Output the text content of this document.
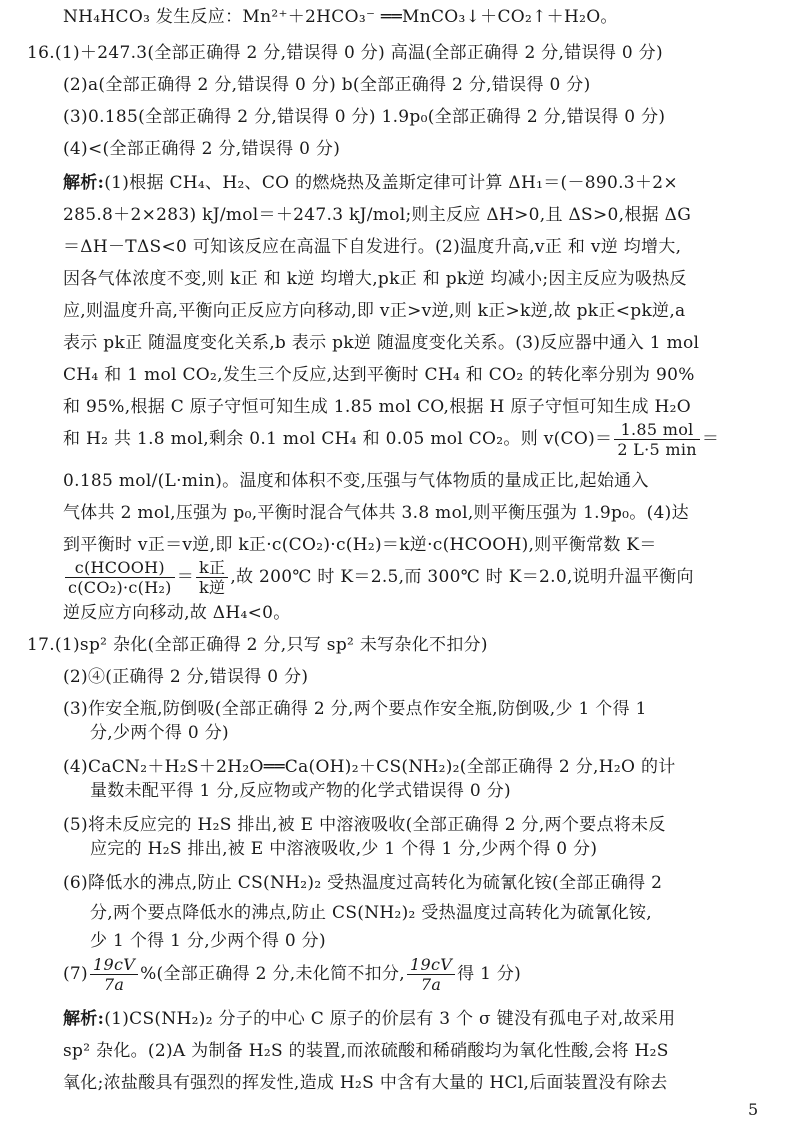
NH₄HCO₃ 发生反应：Mn²⁺＋2HCO₃⁻ ══MnCO₃↓＋CO₂↑＋H₂O。
16.(1)＋247.3(全部正确得 2 分,错误得 0 分) 高温(全部正确得 2 分,错误得 0 分)
(2)a(全部正确得 2 分,错误得 0 分) b(全部正确得 2 分,错误得 0 分)
(3)0.185(全部正确得 2 分,错误得 0 分) 1.9p₀(全部正确得 2 分,错误得 0 分)
(4)<(全部正确得 2 分,错误得 0 分)
解析:(1)根据 CH₄、H₂、CO 的燃烧热及盖斯定律可计算 ΔH₁＝(－890.3＋2×
285.8＋2×283) kJ/mol＝＋247.3 kJ/mol;则主反应 ΔH>0,且 ΔS>0,根据 ΔG
＝ΔH－TΔS<0 可知该反应在高温下自发进行。(2)温度升高,v正 和 v逆 均增大,
因各气体浓度不变,则 k正 和 k逆 均增大,pk正 和 pk逆 均减小;因主反应为吸热反
应,则温度升高,平衡向正反应方向移动,即 v正>v逆,则 k正>k逆,故 pk正<pk逆,a
表示 pk正 随温度变化关系,b 表示 pk逆 随温度变化关系。(3)反应器中通入 1 mol
CH₄ 和 1 mol CO₂,发生三个反应,达到平衡时 CH₄ 和 CO₂ 的转化率分别为 90%
和 95%,根据 C 原子守恒可知生成 1.85 mol CO,根据 H 原子守恒可知生成 H₂O
和 H₂ 共 1.8 mol,剩余 0.1 mol CH₄ 和 0.05 mol CO₂。则 $v(CO)= \frac{\text{1.85 mol}}{2 L\cdot 5 \min}$ ＝
0.185 mol/(L·min)。温度和体积不变,压强与气体物质的量成正比,起始通入
气体共 2 mol,压强为 p₀,平衡时混合气体共 3.8 mol,则平衡压强为 1.9p₀。(4)达
到平衡时 v正＝v逆,即 k正·c(CO₂)·c(H₂)＝k逆·c(HCOOH),则平衡常数 K＝
$\frac{\text{c(HCOOH)}}{\text{c(CO₂)·c(H₂)}} = \frac{\text{k正}}{\text{k逆}}$ ,故 200℃ 时 K＝2.5,而 300℃ 时 K＝2.0,说明升温平衡向
逆反应方向移动,故 ΔH₄<0。
17.(1)sp² 杂化(全部正确得 2 分,只写 sp² 未写杂化不扣分)
(2)④(正确得 2 分,错误得 0 分)
(3)作安全瓶,防倒吸(全部正确得 2 分,两个要点作安全瓶,防倒吸,少 1 个得 1
分,少两个得 0 分)
(4)CaCN₂＋H₂S＋2H₂O══Ca(OH)₂＋CS(NH₂)₂(全部正确得 2 分,H₂O 的计
量数未配平得 1 分,反应物或产物的化学式错误得 0 分)
(5)将未反应完的 H₂S 排出,被 E 中溶液吸收(全部正确得 2 分,两个要点将未反
应完的 H₂S 排出,被 E 中溶液吸收,少 1 个得 1 分,少两个得 0 分)
(6)降低水的沸点,防止 CS(NH₂)₂ 受热温度过高转化为硫氰化铵(全部正确得 2
分,两个要点降低水的沸点,防止 CS(NH₂)₂ 受热温度过高转化为硫氰化铵,
少 1 个得 1 分,少两个得 0 分)
$(7) \frac{19cV}{7a}$ %(全部正确得 2 分,未化简不扣分, $\frac{19cV}{7a}$ 得 1 分)
解析:(1)CS(NH₂)₂ 分子的中心 C 原子的价层有 3 个 σ 键没有孤电子对,故采用
sp² 杂化。(2)A 为制备 H₂S 的装置,而浓硫酸和稀硝酸均为氧化性酸,会将 H₂S
氧化;浓盐酸具有强烈的挥发性,造成 H₂S 中含有大量的 HCl,后面装置没有除去
5
